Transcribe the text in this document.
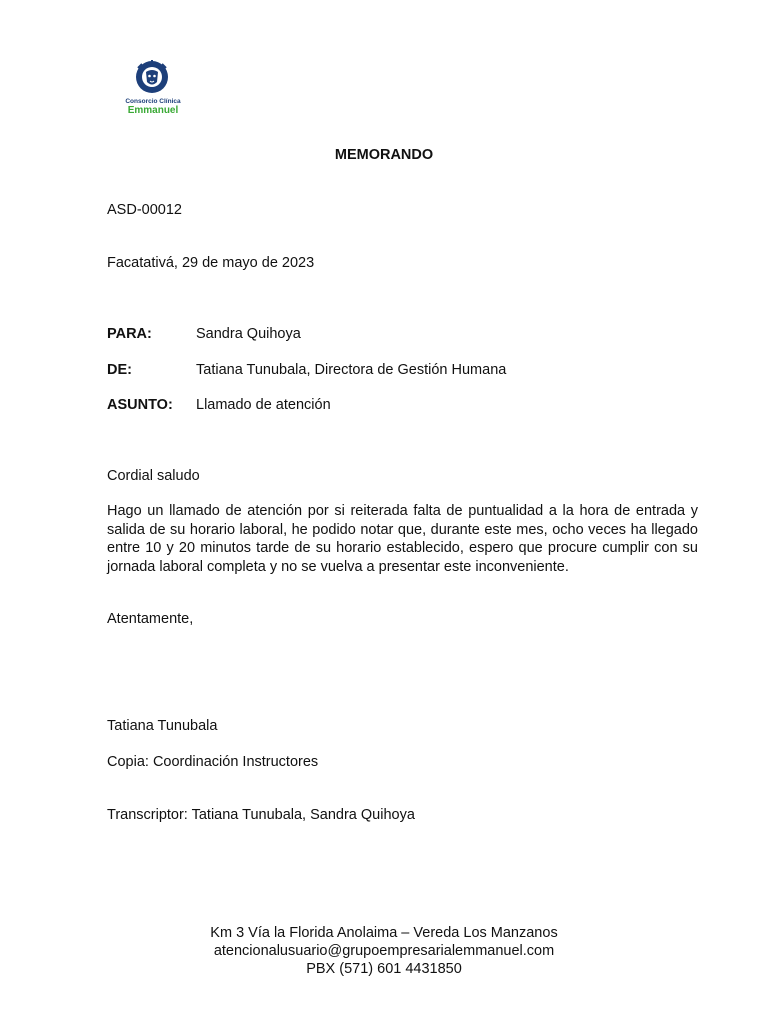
Consorcio Clínica
Emmanuel
MEMORANDO
ASD-00012
Facatativá, 29 de mayo de 2023
PARA:	Sandra Quihoya
DE:	Tatiana Tunubala, Directora de Gestión Humana
ASUNTO: Llamado de atención
Cordial saludo
Hago un llamado de atención por si reiterada falta de puntualidad a la hora de entrada y salida de su horario laboral, he podido notar que, durante este mes, ocho veces ha llegado entre 10 y 20 minutos tarde de su horario establecido, espero que procure cumplir con su jornada laboral completa y no se vuelva a presentar este inconveniente.
Atentamente,
Tatiana Tunubala
Copia: Coordinación Instructores
Transcriptor: Tatiana Tunubala, Sandra Quihoya
Km 3 Vía la Florida Anolaima – Vereda Los Manzanos
atencionalusuario@grupoempresarialemmanuel.com
PBX (571) 601 4431850
